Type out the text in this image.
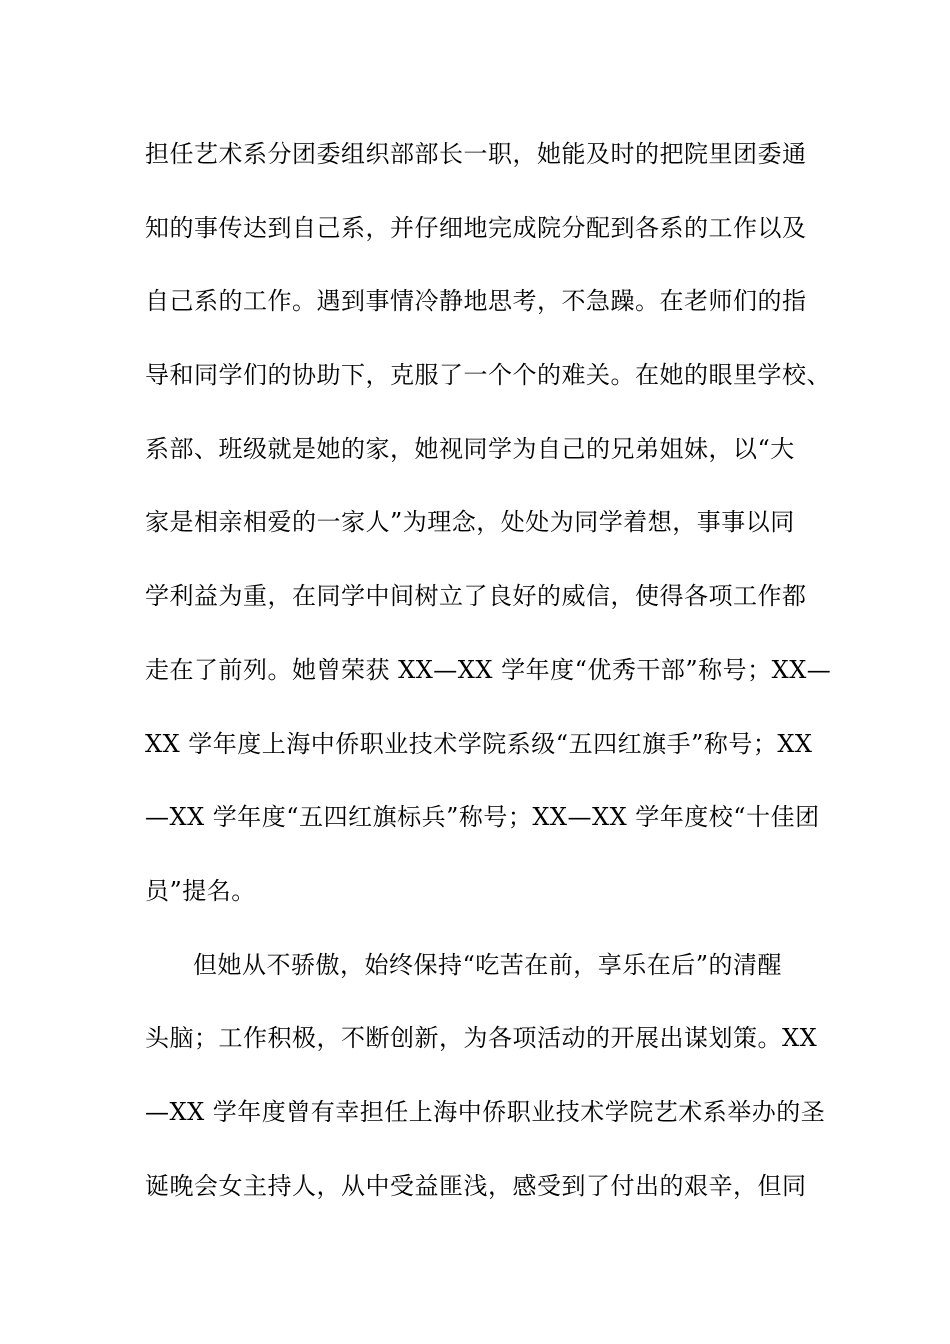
担任艺术系分团委组织部部长一职，她能及时的把院里团委通
知的事传达到自己系，并仔细地完成院分配到各系的工作以及
自己系的工作。遇到事情冷静地思考，不急躁。在老师们的指
导和同学们的协助下，克服了一个个的难关。在她的眼里学校、
系部、班级就是她的家，她视同学为自己的兄弟姐妹，以“大
家是相亲相爱的一家人”为理念，处处为同学着想，事事以同
学利益为重，在同学中间树立了良好的威信，使得各项工作都
走在了前列。她曾荣获 XX—XX 学年度“优秀干部”称号；XX—
XX 学年度上海中侨职业技术学院系级“五四红旗手”称号；XX
—XX 学年度“五四红旗标兵”称号；XX—XX 学年度校“十佳团
员”提名。
但她从不骄傲，始终保持“吃苦在前，享乐在后”的清醒
头脑；工作积极，不断创新，为各项活动的开展出谋划策。XX
—XX 学年度曾有幸担任上海中侨职业技术学院艺术系举办的圣
诞晚会女主持人，从中受益匪浅，感受到了付出的艰辛，但同
